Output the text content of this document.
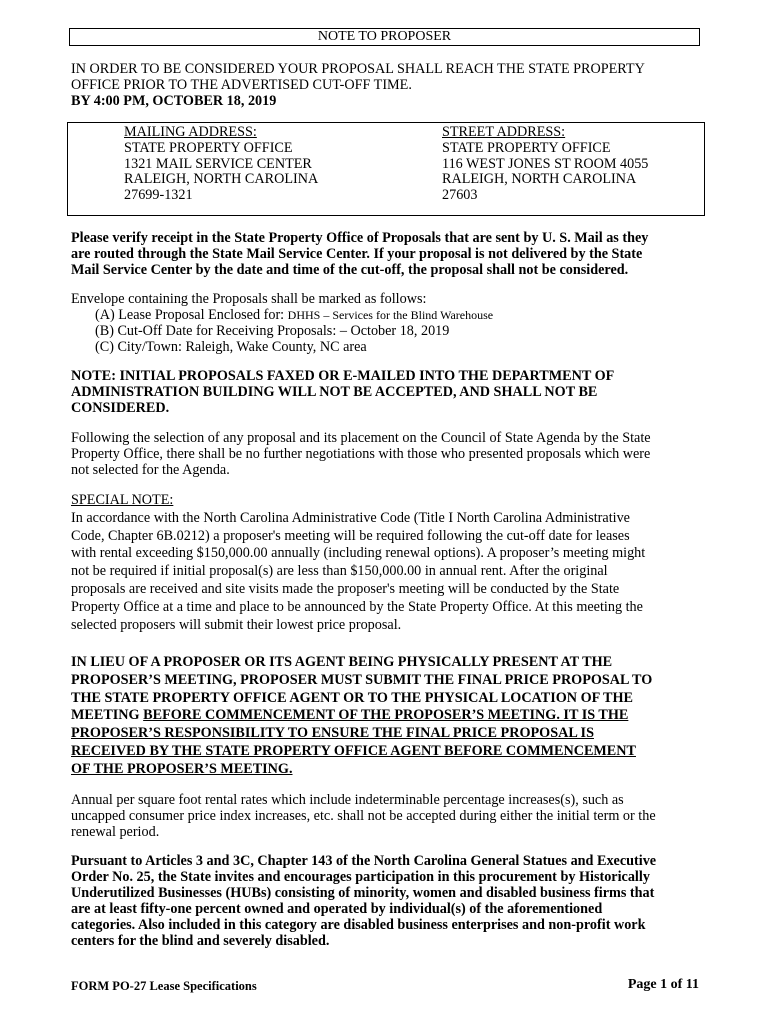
NOTE TO PROPOSER
IN ORDER TO BE CONSIDERED YOUR PROPOSAL SHALL REACH THE STATE PROPERTY
OFFICE PRIOR TO THE ADVERTISED CUT-OFF TIME.
BY 4:00 PM, OCTOBER 18, 2019
MAILING ADDRESS:
STATE PROPERTY OFFICE
1321 MAIL SERVICE CENTER
RALEIGH, NORTH CAROLINA
27699-1321
STREET ADDRESS:
STATE PROPERTY OFFICE
116 WEST JONES ST ROOM 4055
RALEIGH, NORTH CAROLINA
27603
Please verify receipt in the State Property Office of Proposals that are sent by U. S. Mail as they
are routed through the State Mail Service Center. If your proposal is not delivered by the State
Mail Service Center by the date and time of the cut-off, the proposal shall not be considered.
Envelope containing the Proposals shall be marked as follows:
(A) Lease Proposal Enclosed for: DHHS – Services for the Blind Warehouse
(B) Cut-Off Date for Receiving Proposals: – October 18, 2019
(C) City/Town: Raleigh, Wake County, NC area
NOTE: INITIAL PROPOSALS FAXED OR E-MAILED INTO THE DEPARTMENT OF
ADMINISTRATION BUILDING WILL NOT BE ACCEPTED, AND SHALL NOT BE
CONSIDERED.
Following the selection of any proposal and its placement on the Council of State Agenda by the State
Property Office, there shall be no further negotiations with those who presented proposals which were
not selected for the Agenda.
SPECIAL NOTE:
In accordance with the North Carolina Administrative Code (Title I North Carolina Administrative
Code, Chapter 6B.0212) a proposer's meeting will be required following the cut-off date for leases
with rental exceeding $150,000.00 annually (including renewal options). A proposer’s meeting might
not be required if initial proposal(s) are less than $150,000.00 in annual rent. After the original
proposals are received and site visits made the proposer's meeting will be conducted by the State
Property Office at a time and place to be announced by the State Property Office. At this meeting the
selected proposers will submit their lowest price proposal.
IN LIEU OF A PROPOSER OR ITS AGENT BEING PHYSICALLY PRESENT AT THE
PROPOSER’S MEETING, PROPOSER MUST SUBMIT THE FINAL PRICE PROPOSAL TO
THE STATE PROPERTY OFFICE AGENT OR TO THE PHYSICAL LOCATION OF THE
MEETING BEFORE COMMENCEMENT OF THE PROPOSER’S MEETING. IT IS THE
PROPOSER’S RESPONSIBILITY TO ENSURE THE FINAL PRICE PROPOSAL IS
RECEIVED BY THE STATE PROPERTY OFFICE AGENT BEFORE COMMENCEMENT
OF THE PROPOSER’S MEETING.
Annual per square foot rental rates which include indeterminable percentage increases(s), such as
uncapped consumer price index increases, etc. shall not be accepted during either the initial term or the
renewal period.
Pursuant to Articles 3 and 3C, Chapter 143 of the North Carolina General Statues and Executive
Order No. 25, the State invites and encourages participation in this procurement by Historically
Underutilized Businesses (HUBs) consisting of minority, women and disabled business firms that
are at least fifty-one percent owned and operated by individual(s) of the aforementioned
categories. Also included in this category are disabled business enterprises and non-profit work
centers for the blind and severely disabled.
FORM PO-27 Lease Specifications	Page 1 of 11
